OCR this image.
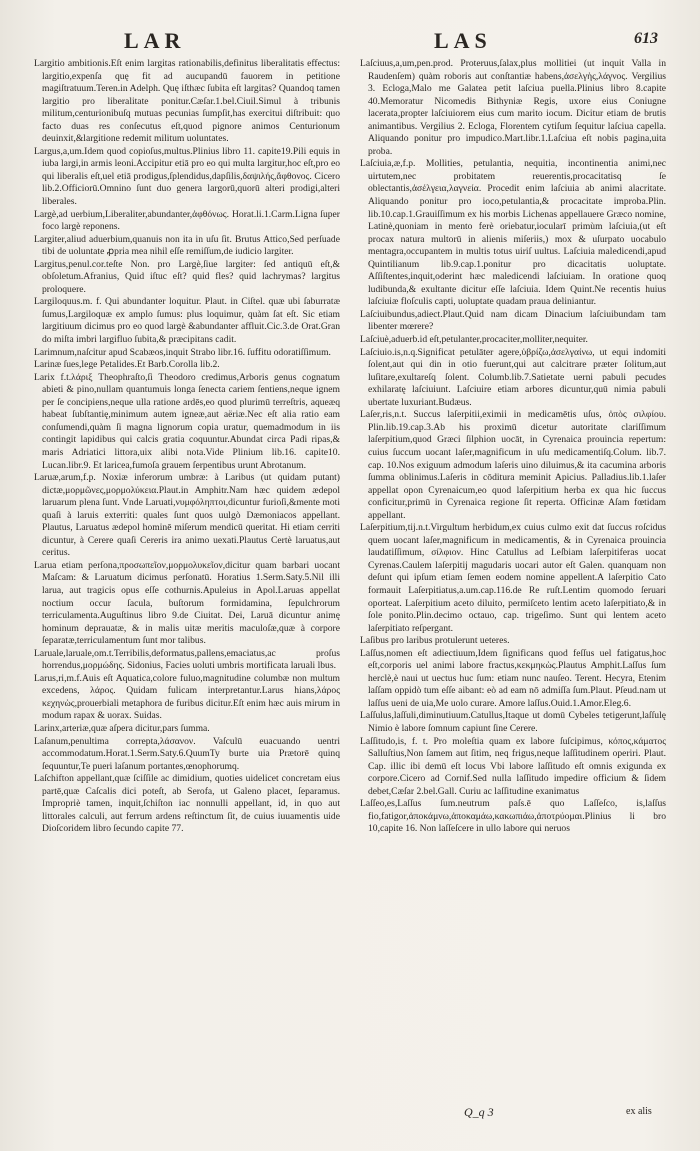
LAR	LAS	613

Largitio ambitionis.Eſt enim largitas rationabilis,definitus liberalitatis effectus: largitio,expenſa quę fit ad aucupandū fauorem in petitione magiſtratuum.Teren.in Adelph. Quę iſthæc ſubita eſt largitas? Quandoq tamen largitio pro liberalitate ponitur.Cæſar.1.bel.Ciuil.Simul à tribunis militum,centurionibuſq mutuas pecunias ſumpſit,has exercitui diſtribuit: quo facto duas res conſecutus eſt,quod pignore animos Centurionum deuinxit,&largitione redemit militum uoluntates.

Largus,a,um.Idem quod copioſus,multus.Plinius libro 11. capite19.Pili equis in iuba largi,in armis leoni.Accipitur etiā pro eo qui multa largitur,hoc eſt,pro eo qui liberalis eſt,uel etiā prodigus,ſplendidus,dapſilis,δαψιλής,ἄφθονος. Cicero lib.2.Officiorū.Omnino ſunt duo genera largorū,quorū alteri prodigi,alteri liberales.

Largè,ad uerbium,Liberaliter,abundanter,ἀφθόνως. Horat.li.1.Carm.Ligna ſuper foco largè reponens.

Largiter,aliud aduerbium,quanuis non ita in uſu ſit. Brutus Attico,Sed perſuade tibi de uoluntate ꝓpria mea nihil eſſe remiſſum,de iudicio largiter.

Largitus,penul.cor.teſte Non. pro Largè,ſiue largiter: ſed antiquū eſt,& obſoletum.Afranius, Quid iſtuc eſt? quid fles? quid lachrymas? largitus proloquere.

Largiloquus.m. f. Qui abundanter loquitur. Plaut. in Ciſtel. quæ ubi ſaburratæ ſumus,Largiloquæ ex amplo ſumus: plus loquimur, quàm ſat eſt. Sic etiam largitiuum dicimus pro eo quod largè &abundanter affluit.Cic.3.de Orat.Gran do miſta imbri largifluo ſubita,& præcipitans cadit.

Larimnum,naſcitur apud Scabæos,inquit Strabo libr.16. ſuffitu odoratiſſimum.

Larinæ ſues,lege Petalides.Et Barb.Corolla lib.2.

Larix f.t.λάριξ Theophraſto,ſi Theodoro credimus,Arboris genus cognatum abieti & pino,nullam quantumuis longa ſenecta cariem ſentiens,neque ignem per ſe concipiens,neque ulla ratione ardēs,eo quod plurimū terreſtris, aqueæq habeat ſubſtantię,minimum autem igneæ,aut aëriæ.Nec eſt alia ratio eam conſumendi,quàm ſi magna lignorum copia uratur, quemadmodum in iis contingit lapidibus qui calcis gratia coquuntur.Abundat circa Padi ripas,& maris Adriatici littora,uix alibi nota.Vide Plinium lib.16. capite10. Lucan.libr.9. Et laricea,fumoſa grauem ſerpentibus urunt Abrotanum.

Laruæ,arum,f.p. Noxiæ inferorum umbræ: à Laribus (ut quidam putant) dictæ,μορμῶνες,μορμολύκεια.Plaut.in Amphitr.Nam hæc quidem ædepol laruarum plena ſunt. Vnde Laruati,νυμφόληπτοι,dicuntur furioſi,&mente moti quaſi à laruis exterriti: quales ſunt quos uulgò Dæmoniacos appellant. Plautus, Laruatus ædepol hominē miſerum mendicū queritat. Hi etiam cerriti dicuntur, à Cerere quaſi Cereris ira animo uexati.Plautus Certè laruatus,aut ceritus.

Larua etiam perſona,προσωπεῖον,μορμολυκεῖον,dicitur quam barbari uocant Maſcam: & Laruatum dicimus perſonatū. Horatius 1.Serm.Saty.5.Nil illi larua, aut tragicis opus eſſe cothurnis.Apuleius in Apol.Laruas appellat noctium occur ſacula, buſtorum formidamina, ſepulchrorum terriculamenta.Auguſtinus libro 9.de Ciuitat. Dei, Laruā dicuntur animę hominum deprauatæ, & in malis uitæ meritis maculoſæ,quæ à corpore ſeparatæ,terriculamentum ſunt mor talibus.

Laruale,laruale,om.t.Terribilis,deformatus,pallens,emaciatus,ac proſus horrendus,μορμώδης. Sidonius, Facies uoluti umbris mortificata laruali lbus.

Larus,ri,m.f.Auis eſt Aquatica,colore fuluo,magnitudine columbæ non multum excedens, λάρος. Quidam fulicam interpretantur.Larus hians,λάρος κεχηνὼς,prouerbiali metaphora de furibus dicitur.Eſt enim hæc auis mirum in modum rapax & uorax. Suidas.

Larinx,arteriæ,quæ aſpera dicitur,pars ſumma.

Laſanum,penultima correpta,λάσανον. Vaſculū euacuando uentri accommodatum.Horat.1.Serm.Saty.6.QuumTy burte uia Prætorē quinq ſequuntur,Te pueri laſanum portantes,œnophorumq.

Laſchifton appellant,quæ ſciſſile ac dimidium, quoties uidelicet concretam eius partē,quæ Caſcalis dici poteſt, ab Serofa, ut Galeno placet, ſeparamus. Impropriè tamen, inquit,ſchiſton iac nonnulli appellant, id, in quo aut littorales calculi, aut ferrum ardens reſtinctum ſit, de cuius iuuamentis uide Dioſcoridem libro ſecundo capite 77.

Laſciuus,a,um,pen.prod. Proteruus,ſalax,plus mollitiei (ut inquit Valla in Raudenſem) quàm roboris aut conſtantiæ habens,ἀσελγὴς,λάγνος. Vergilius 3. Ecloga,Malo me Galatea petit laſciua puella.Plinius libro 8.capite 40.Memoratur Nicomedis Bithyniæ Regis, uxore eius Coniugne lacerata,propter laſciuiorem eius cum marito iocum. Dicitur etiam de brutis animantibus. Vergilius 2. Ecloga, Florentem cytiſum ſequitur laſciua capella. Aliquando ponitur pro impudico.Mart.libr.1.Laſciua eſt nobis pagina,uita proba.

Laſciuia,æ,f.p. Mollities, petulantia, nequitia, incontinentia animi,nec uirtutem,nec probitatem reuerentis,procacitatisq ſe oblectantis,ἀσέλγεια,λαγνεία. Procedit enim laſciuia ab animi alacritate. Aliquando ponitur pro ioco,petulantia,& procacitate improba.Plin. lib.10.cap.1.Grauiſſimum ex his morbis Lichenas appellauere Græco nomine, Latinè,quoniam in mento ferè oriebatur,iocularī primùm laſciuia,(ut eſt procax natura multorū in alienis miſeriis,) mox & uſurpato uocabulo mentagra,occupantem in multis totus uiriſ uultus. Laſciuia maledicendi,apud Quintilianum lib.9.cap.1.ponitur pro dicacitatis uoluptate. Aſſiſtentes,inquit,oderint hæc maledicendi laſciuiam. In oratione quoq ludibunda,& exultante dicitur eſſe laſciuia. Idem Quint.Ne recentis huius laſciuiæ floſculis capti, uoluptate quadam praua deliniantur.

Laſciuibundus,adiect.Plaut.Quid nam dicam Dinacium laſciuibundam tam libenter mœrere?

Laſciuè,aduerb.id eſt,petulanter,procaciter,molliter,nequiter.

Laſciuio.is,n.q.Significat petulāter agere,ὑβρίζω,ἀσελγαίνω, ut equi indomiti ſolent,aut qui din in otio fuerunt,qui aut calcitrare præter ſolitum,aut luſitare,exultareſq ſolent. Columb.lib.7.Satietate uerni pabuli pecudes exhilaratę laſciuiunt. Laſciuire etiam arbores dicuntur,quū nimia pabuli ubertate luxuriant.Budæus.

Laſer,ris,n.t. Succus laſerpitii,eximii in medicamētis uſus, ὀπὸς σιλφίου. Plin.lib.19.cap.3.Ab his proximū dicetur autoritate clariſſimum laſerpitium,quod Græci ſilphion uocāt, in Cyrenaica prouincia repertum: cuius ſuccum uocant laſer,magnificum in uſu medicamentiſq.Colum. lib.7. cap. 10.Nos exiguum admodum laſeris uino diluimus,& ita cacumina arboris ſumma oblinimus.Laſeris in cōditura meminit Apicius. Palladius.lib.1.laſer appellat opon Cyrenaicum,eo quod laſerpitium herba ex qua hic ſuccus conficitur,primū in Cyrenaica regione ſit reperta. Officinæ Aſam fœtidam appellant.

Laſerpitium,tij.n.t.Virgultum herbidum,ex cuius culmo exit dat ſuccus roſcidus quem uocant laſer,magnificum in medicamentis, & in Cyrenaica prouincia laudatiſſimum, σίλφιον. Hinc Catullus ad Leſbiam laſerpitiferas uocat Cyrenas.Caulem laſerpitij magudaris uocari autor eſt Galen. quanquam non deſunt qui ipſum etiam ſemen eodem nomine appellent.A laſerpitio Cato formauit Laſerpitiatus,a.um.cap.116.de Re ruſt.Lentim quomodo ſeruari oporteat. Laſerpitium aceto diluito, permiſceto lentim aceto laſerpitiato,& in ſole ponito.Plin.decimo octauo, cap. trigeſimo. Sunt qui lentem aceto laſerpitiato reſpergant.

Laſibus pro laribus protulerunt ueteres.

Laſſus,nomen eſt adiectiuum,Idem ſignificans quod feſſus uel fatigatus,hoc eſt,corporis uel animi labore fractus,κεκμηκὼς.Plautus Amphit.Laſſus ſum herclè,è naui ut uectus huc ſum: etiam nunc nauſeo. Terent. Hecyra, Etenim laſſam oppidò tum eſſe aibant: eò ad eam nō admiſſa ſum.Plaut. Pſeud.nam ut laſſus ueni de uia,Me uolo curare. Amore laſſus.Ouid.1.Amor.Eleg.6.

Laſſulus,laſſuli,diminutiuum.Catullus,Itaque ut domū Cybeles tetigerunt,laſſulę Nimio è labore ſomnum capiunt ſine Cerere.

Laſſitudo,is, f. t. Pro moleſtia quam ex labore ſuſcipimus, κόπος,κάματος Salluſtius,Non ſamem aut ſitim, neq frigus,neque laſſitudinem operiri. Plaut. Cap. illic ibi demū eſt locus Vbi labore laſſitudo eſt omnis exigunda ex corpore.Cicero ad Cornif.Sed nulla laſſitudo impedire officium & ſidem debet,Cæſar 2.bel.Gall. Curiu ac laſſitudine exanimatus

Laſſeo,es,Laſſus ſum.neutrum paſs.ē quo Laſſeſco, is,laſſus fio,fatigor,ἀποκάμνω,ἀποκαμάω,κακωπιάω,ἀποτρύομαι.Plinius li bro 10,capite 16. Non laſſeſcere in ullo labore qui neruos

Q_q 3	ex alis
